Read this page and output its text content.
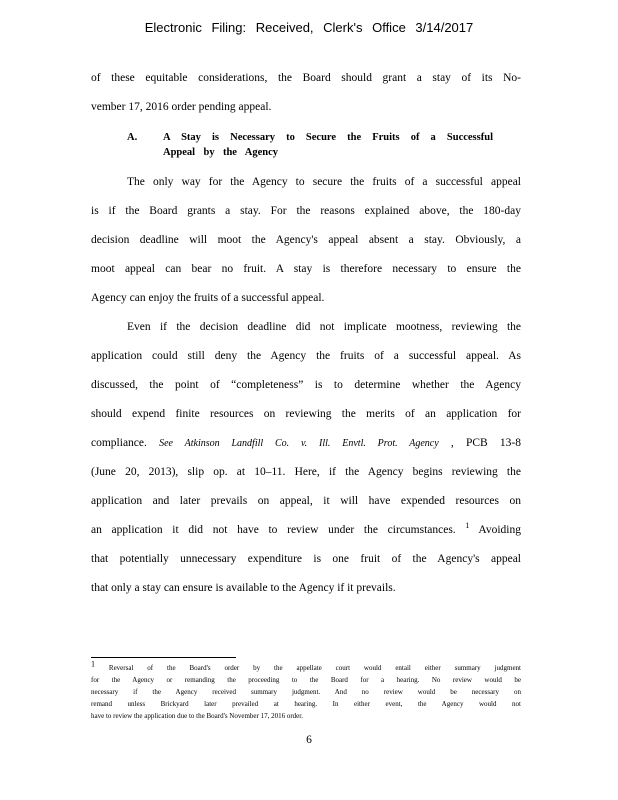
Electronic Filing: Received, Clerk's Office 3/14/2017
of these equitable considerations, the Board should grant a stay of its No-
vember 17, 2016 order pending appeal.
A. A Stay is Necessary to Secure the Fruits of a Successful
Appeal by the Agency
The only way for the Agency to secure the fruits of a successful appeal
is if the Board grants a stay. For the reasons explained above, the 180-day
decision deadline will moot the Agency's appeal absent a stay. Obviously, a
moot appeal can bear no fruit. A stay is therefore necessary to ensure the
Agency can enjoy the fruits of a successful appeal.
Even if the decision deadline did not implicate mootness, reviewing the
application could still deny the Agency the fruits of a successful appeal. As
discussed, the point of “completeness” is to determine whether the Agency
should expend finite resources on reviewing the merits of an application for
compliance. See Atkinson Landfill Co. v. Ill. Envtl. Prot. Agency , PCB 13-8
(June 20, 2013), slip op. at 10–11. Here, if the Agency begins reviewing the
application and later prevails on appeal, it will have expended resources on
an application it did not have to review under the circumstances. $^1$ Avoiding
that potentially unnecessary expenditure is one fruit of the Agency's appeal
that only a stay can ensure is available to the Agency if it prevails.
1 Reversal of the Board's order by the appellate court would entail either summary judgment
for the Agency or remanding the proceeding to the Board for a hearing. No review would be
necessary if the Agency received summary judgment. And no review would be necessary on
remand unless Brickyard later prevailed at hearing. In either event, the Agency would not
have to review the application due to the Board's November 17, 2016 order.
6
